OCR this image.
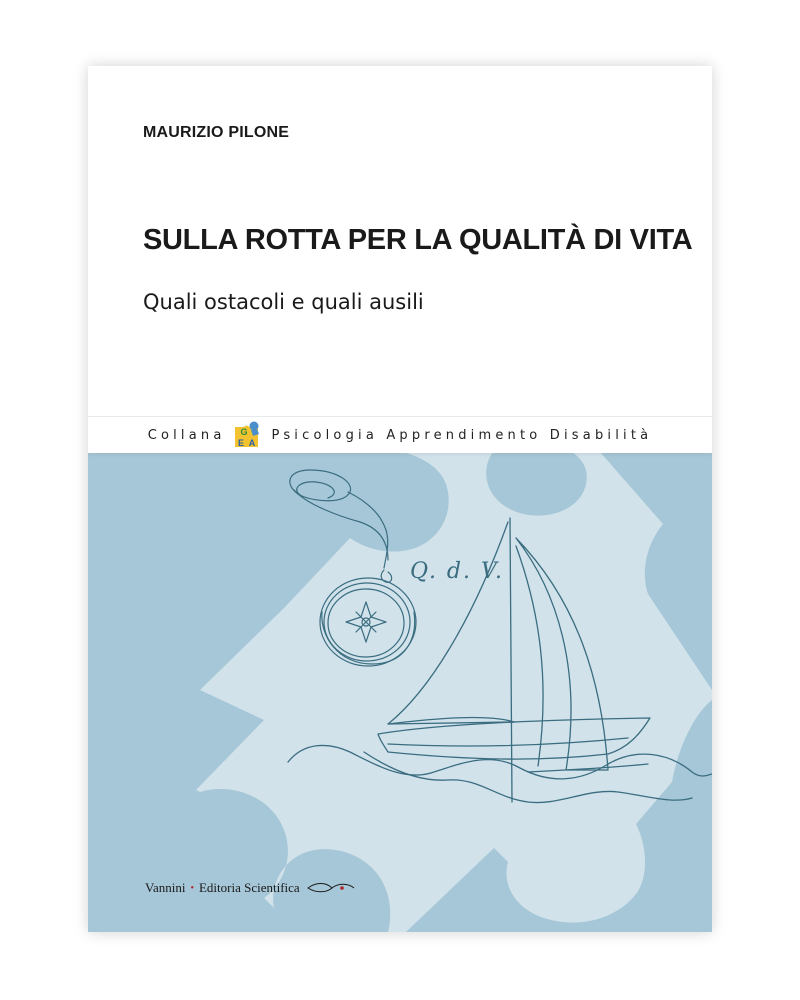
MAURIZIO PILONE
SULLA ROTTA PER LA QUALITÀ DI VITA
Quali ostacoli e quali ausili
Collana G
E A
Psicologia Apprendimento Disabilità
Q. d. V.
Vannini • Editoria Scientifica
